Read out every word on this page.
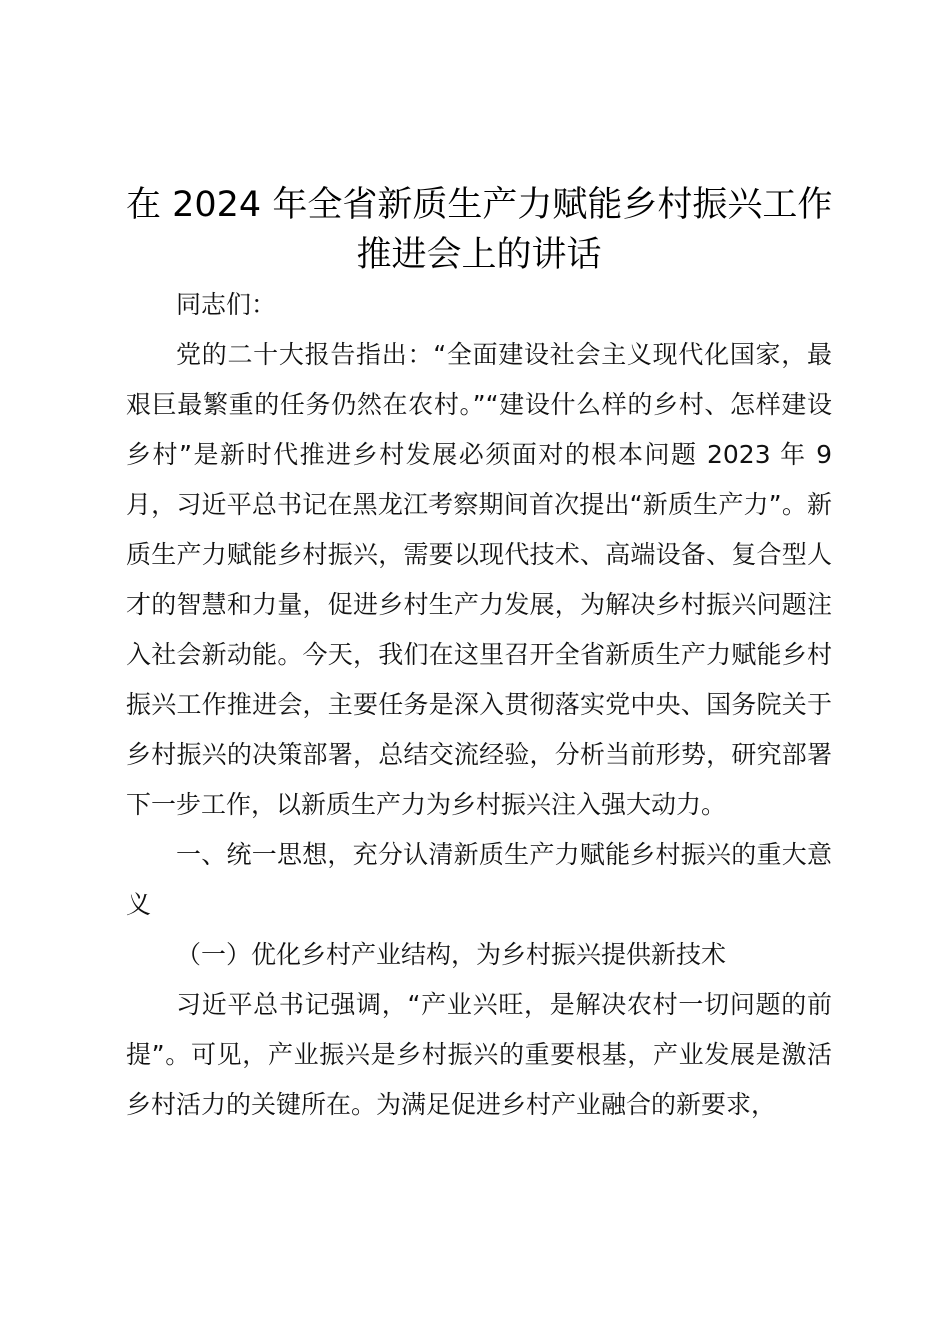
在 2024 年全省新质生产力赋能乡村振兴工作
推进会上的讲话

同志们：

党的二十大报告指出：“全面建设社会主义现代化国家，最艰巨最繁重的任务仍然在农村。”“建设什么样的乡村、怎样建设乡村”是新时代推进乡村发展必须面对的根本问题 2023 年 9 月，习近平总书记在黑龙江考察期间首次提出“新质生产力”。新质生产力赋能乡村振兴，需要以现代技术、高端设备、复合型人才的智慧和力量，促进乡村生产力发展，为解决乡村振兴问题注入社会新动能。今天，我们在这里召开全省新质生产力赋能乡村振兴工作推进会，主要任务是深入贯彻落实党中央、国务院关于乡村振兴的决策部署，总结交流经验，分析当前形势，研究部署下一步工作，以新质生产力为乡村振兴注入强大动力。

一、统一思想，充分认清新质生产力赋能乡村振兴的重大意义

（一）优化乡村产业结构，为乡村振兴提供新技术

习近平总书记强调，“产业兴旺，是解决农村一切问题的前提”。可见，产业振兴是乡村振兴的重要根基，产业发展是激活乡村活力的关键所在。为满足促进乡村产业融合的新要求，
